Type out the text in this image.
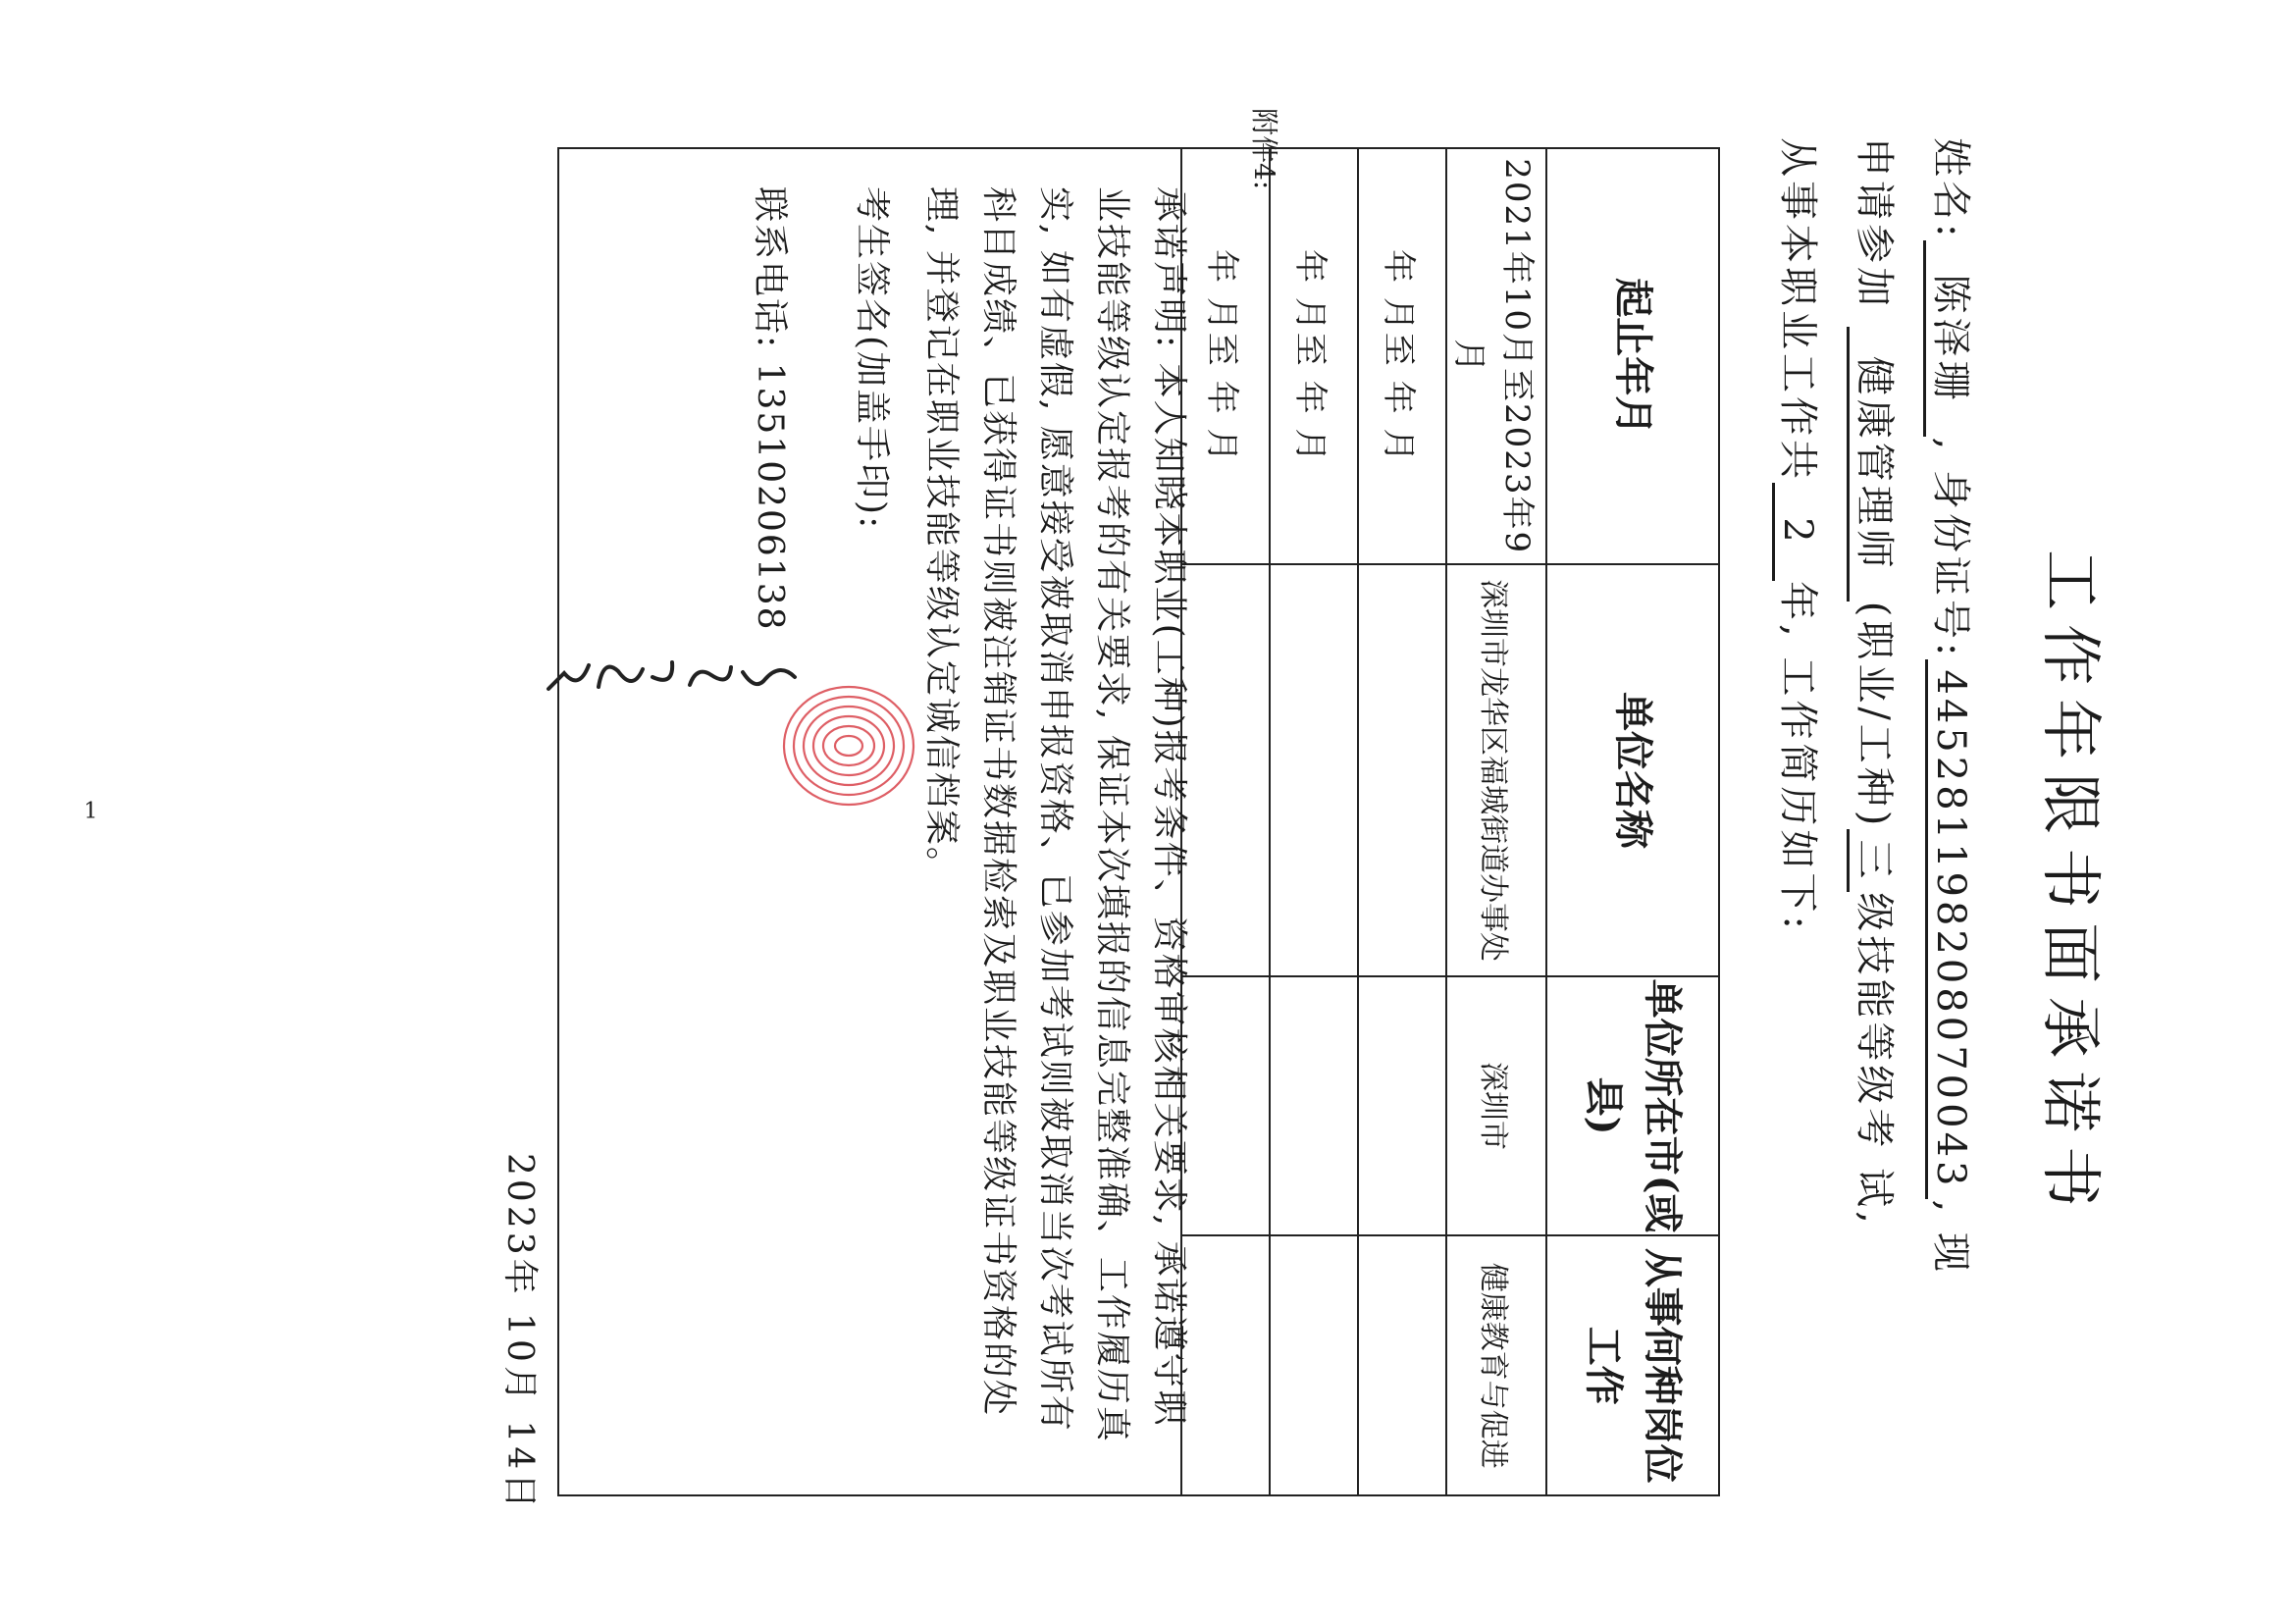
附件4:
工作年限书面承诺书
姓名:陈泽珊, 身份证号:445281198208070043, 现
申请参加 健康管理师(职业/工种)三级技能等级考 试,
从事本职业工作共2年, 工作简历如下:
起止年月	单位名称	单位所在市(或县)	从事何种岗位工作
2021年10月至2023年9月	深圳市龙华区福城街道办事处	深圳市	健康教育与促进
年 月至 年 月			
年 月至 年 月			
年 月至 年 月			
承诺声明: 本人知晓本职业(工种)报考条件、资格审核相关要求, 承诺遵守职业技能等级认定报考的有关要求, 保证本次填报的信息完整准确、工作履历真实, 如有虚假, 愿意接受被取消申报资格、已参加考试则被取消当次考试所有科目成绩、已获得证书则被注销证书数据检索及职业技能等级证书资格的处理, 并登记在职业技能等级认定诚信档案。
考生签名(加盖手印):
联系电话: 13510206138
2023年 10月 14日
1
